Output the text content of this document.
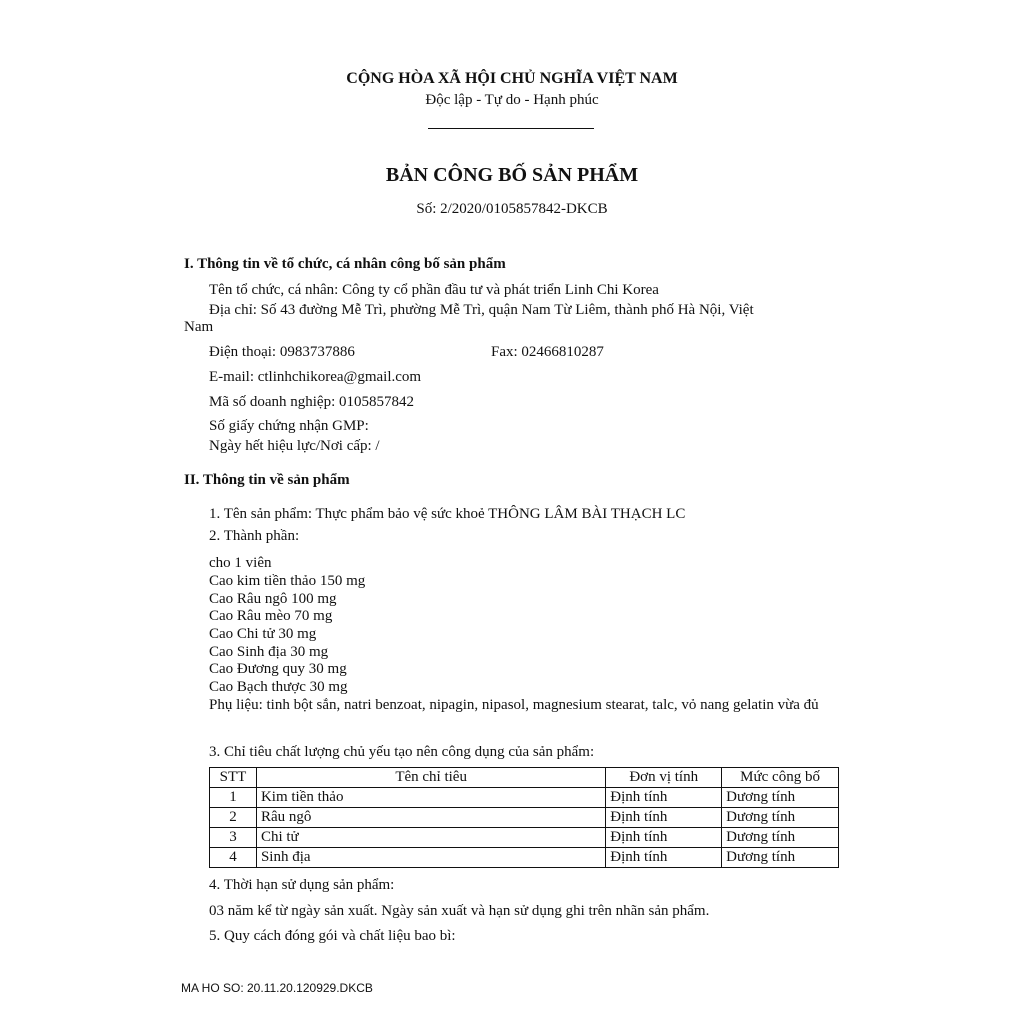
CỘNG HÒA XÃ HỘI CHỦ NGHĨA VIỆT NAM
Độc lập - Tự do - Hạnh phúc
BẢN CÔNG BỐ SẢN PHẨM
Số: 2/2020/0105857842-DKCB
I. Thông tin về tổ chức, cá nhân công bố sản phẩm
Tên tổ chức, cá nhân: Công ty cổ phần đầu tư và phát triển Linh Chi Korea
Địa chỉ: Số 43 đường Mễ Trì, phường Mễ Trì, quận Nam Từ Liêm, thành phố Hà Nội, Việt
Nam
Điện thoại: 0983737886	Fax: 02466810287
E-mail: ctlinhchikorea@gmail.com
Mã số doanh nghiệp: 0105857842
Số giấy chứng nhận GMP:
Ngày hết hiệu lực/Nơi cấp: /
II. Thông tin về sản phẩm
1. Tên sản phẩm: Thực phẩm bảo vệ sức khoẻ THÔNG LÂM BÀI THẠCH LC
2. Thành phần:
cho 1 viên
Cao kim tiền thảo 150 mg
Cao Râu ngô 100 mg
Cao Râu mèo 70 mg
Cao Chi tử 30 mg
Cao Sinh địa 30 mg
Cao Đương quy 30 mg
Cao Bạch thược 30 mg
Phụ liệu: tinh bột sắn, natri benzoat, nipagin, nipasol, magnesium stearat, talc, vỏ nang gelatin vừa đủ
3. Chỉ tiêu chất lượng chủ yếu tạo nên công dụng của sản phẩm:
STT	Tên chỉ tiêu	Đơn vị tính	Mức công bố
1	Kim tiền thảo	Định tính	Dương tính
2	Râu ngô	Định tính	Dương tính
3	Chi tử	Định tính	Dương tính
4	Sinh địa	Định tính	Dương tính
4. Thời hạn sử dụng sản phẩm:
03 năm kể từ ngày sản xuất. Ngày sản xuất và hạn sử dụng ghi trên nhãn sản phẩm.
5. Quy cách đóng gói và chất liệu bao bì:
MA HO SO: 20.11.20.120929.DKCB
